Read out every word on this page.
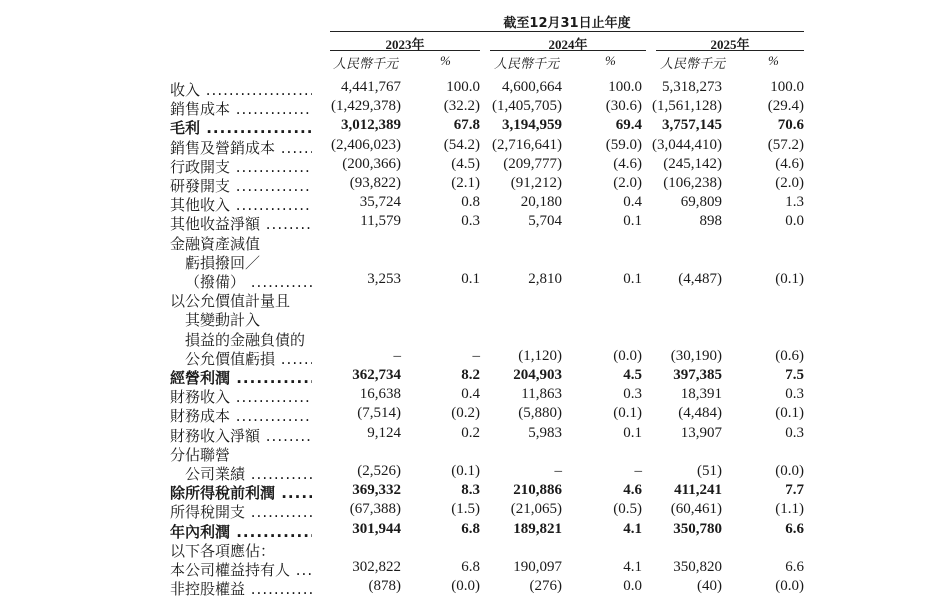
截至12月31日止年度
2023年	2024年	2025年
人民幣千元	%	人民幣千元	%	人民幣千元	%
收入 .....	4,441,767	100.0	4,600,664	100.0	5,318,273	100.0
銷售成本 .....	(1,429,378)	(32.2) (1,405,705)	(30.6) (1,561,128)	(29.4)
毛利 .....	3,012,389	67.8	3,194,959	69.4	3,757,145	70.6
銷售及營銷成本 .....	(2,406,023)	(54.2) (2,716,641)	(59.0) (3,044,410)	(57.2)
行政開支 .....	(200,366)	(4.5)	(209,777)	(4.6)	(245,142)	(4.6)
研發開支 .....	(93,822)	(2.1)	(91,212)	(2.0)	(106,238)	(2.0)
其他收入 .....	35,724	0.8	20,180	0.4	69,809	1.3
其他收益淨額 .....	11,579	0.3	5,704	0.1	898	0.0
金融資產減值
虧損撥回／
（撥備） .....	3,253	0.1	2,810	0.1	(4,487)	(0.1)
以公允價值計量且
其變動計入
損益的金融負債的
公允價值虧損 .....	–	–	(1,120)	(0.0)	(30,190)	(0.6)
經營利潤 .....	362,734	8.2	204,903	4.5	397,385	7.5
財務收入 .....	16,638	0.4	11,863	0.3	18,391	0.3
財務成本 .....	(7,514)	(0.2)	(5,880)	(0.1)	(4,484)	(0.1)
財務收入淨額 .....	9,124	0.2	5,983	0.1	13,907	0.3
分佔聯營
公司業績 .....	(2,526)	(0.1)	–	–	(51)	(0.0)
除所得稅前利潤 .....	369,332	8.3	210,886	4.6	411,241	7.7
所得稅開支 .....	(67,388)	(1.5)	(21,065)	(0.5)	(60,461)	(1.1)
年內利潤 .....	301,944	6.8	189,821	4.1	350,780	6.6
以下各項應佔：
本公司權益持有人 .....	302,822	6.8	190,097	4.1	350,820	6.6
非控股權益 .....	(878)	(0.0)	(276)	0.0	(40)	(0.0)
